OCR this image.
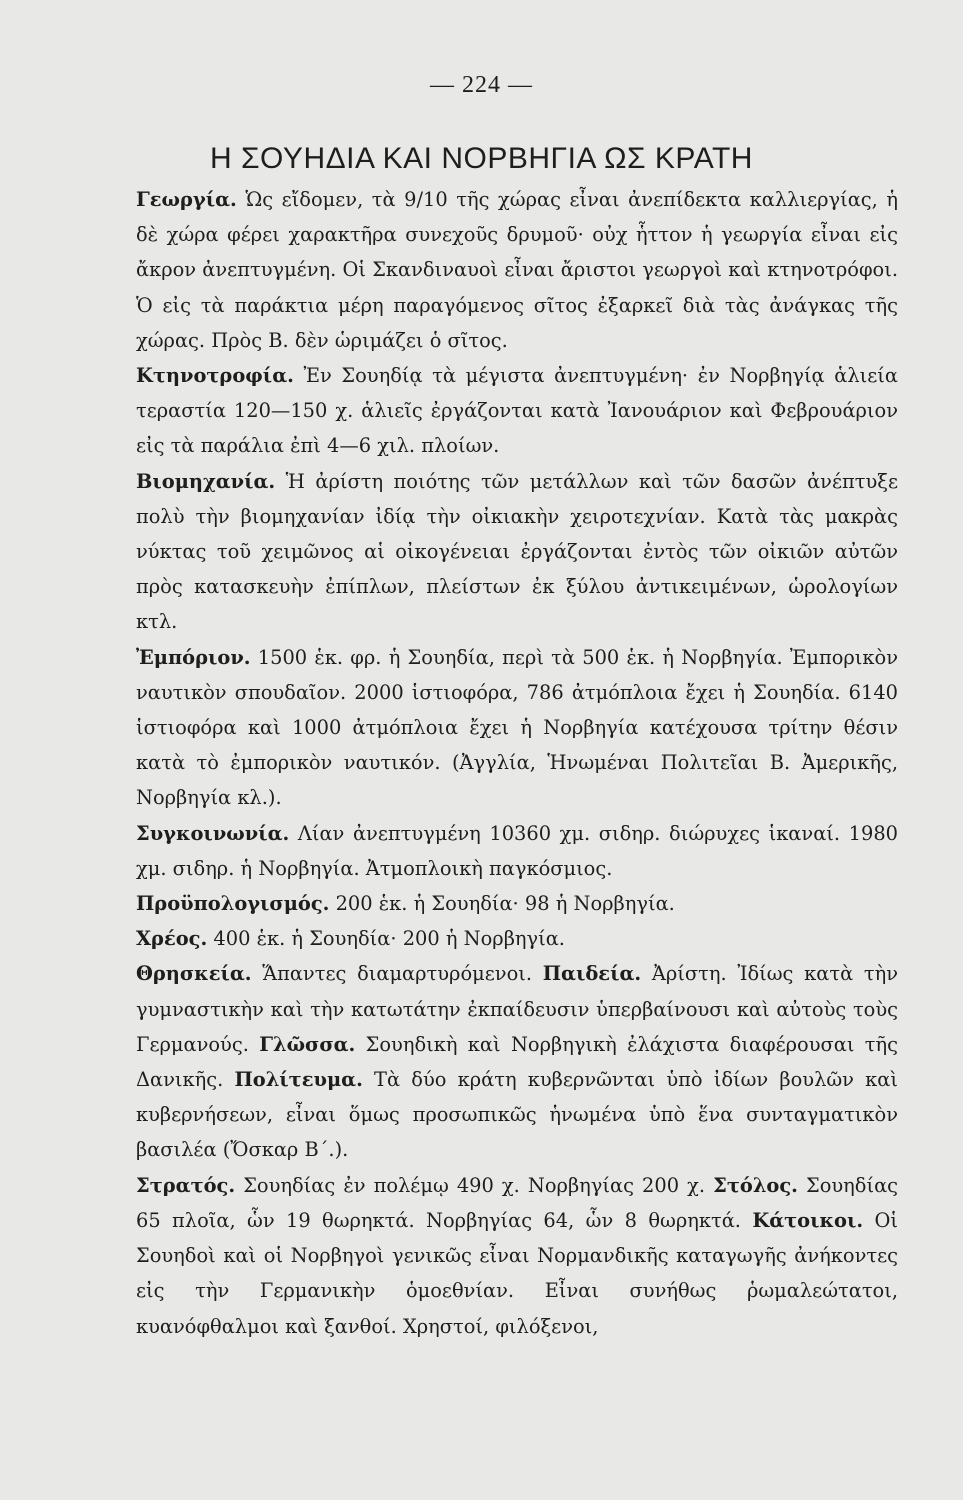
— 224 —
Η ΣΟΥΗΔΙΑ ΚΑΙ ΝΟΡΒΗΓΙΑ ΩΣ ΚΡΑΤΗ

Γεωργία. Ὡς εἴδομεν, τὰ 9/10 τῆς χώρας εἶναι ἀνεπίδεκτα καλλιεργίας, ἡ δὲ χώρα φέρει χαρακτῆρα συνεχοῦς δρυμοῦ· οὐχ ἧττον ἡ γεωργία εἶναι εἰς ἄκρον ἀνεπτυγμένη. Οἱ Σκανδιναυοὶ εἶναι ἄριστοι γεωργοὶ καὶ κτηνοτρόφοι. Ὁ εἰς τὰ παράκτια μέρη παραγόμενος σῖτος ἐξαρκεῖ διὰ τὰς ἀνάγκας τῆς χώρας. Πρὸς Β. δὲν ὡριμάζει ὁ σῖτος.

Κτηνοτροφία. Ἐν Σουηδίᾳ τὰ μέγιστα ἀνεπτυγμένη· ἐν Νορβηγίᾳ ἁλιεία τεραστία 120—150 χ. ἁλιεῖς ἐργάζονται κατὰ Ἰανουάριον καὶ Φεβρουάριον εἰς τὰ παράλια ἐπὶ 4—6 χιλ. πλοίων.

Βιομηχανία. Ἡ ἀρίστη ποιότης τῶν μετάλλων καὶ τῶν δασῶν ἀνέπτυξε πολὺ τὴν βιομηχανίαν ἰδίᾳ τὴν οἰκιακὴν χειροτεχνίαν. Κατὰ τὰς μακρὰς νύκτας τοῦ χειμῶνος αἱ οἰκογένειαι ἐργάζονται ἐντὸς τῶν οἰκιῶν αὐτῶν πρὸς κατασκευὴν ἐπίπλων, πλείστων ἐκ ξύλου ἀντικειμένων, ὡρολογίων κτλ.

Ἐμπόριον. 1500 ἑκ. φρ. ἡ Σουηδία, περὶ τὰ 500 ἑκ. ἡ Νορβηγία. Ἐμπορικὸν ναυτικὸν σπουδαῖον. 2000 ἱστιοφόρα, 786 ἀτμόπλοια ἔχει ἡ Σουηδία. 6140 ἱστιοφόρα καὶ 1000 ἀτμόπλοια ἔχει ἡ Νορβηγία κατέχουσα τρίτην θέσιν κατὰ τὸ ἐμπορικὸν ναυτικόν. (Ἀγγλία, Ἡνωμέναι Πολιτεῖαι Β. Ἀμερικῆς, Νορβηγία κλ.).

Συγκοινωνία. Λίαν ἀνεπτυγμένη 10360 χμ. σιδηρ. διώρυχες ἱκαναί. 1980 χμ. σιδηρ. ἡ Νορβηγία. Ἀτμοπλοικὴ παγκόσμιος.

Προϋπολογισμός. 200 ἑκ. ἡ Σουηδία· 98 ἡ Νορβηγία.

Χρέος. 400 ἑκ. ἡ Σουηδία· 200 ἡ Νορβηγία.

Θρησκεία. Ἅπαντες διαμαρτυρόμενοι. Παιδεία. Ἀρίστη. Ἰδίως κατὰ τὴν γυμναστικὴν καὶ τὴν κατωτάτην ἐκπαίδευσιν ὑπερβαίνουσι καὶ αὐτοὺς τοὺς Γερμανούς. Γλῶσσα. Σουηδικὴ καὶ Νορβηγικὴ ἐλάχιστα διαφέρουσαι τῆς Δανικῆς. Πολίτευμα. Τὰ δύο κράτη κυβερνῶνται ὑπὸ ἰδίων βουλῶν καὶ κυβερνήσεων, εἶναι ὅμως προσωπικῶς ἡνωμένα ὑπὸ ἕνα συνταγματικὸν βασιλέα (Ὄσκαρ Β΄.).

Στρατός. Σουηδίας ἐν πολέμῳ 490 χ. Νορβηγίας 200 χ. Στόλος. Σουηδίας 65 πλοῖα, ὧν 19 θωρηκτά. Νορβηγίας 64, ὧν 8 θωρηκτά. Κάτοικοι. Οἱ Σουηδοὶ καὶ οἱ Νορβηγοὶ γενικῶς εἶναι Νορμανδικῆς καταγωγῆς ἀνήκοντες εἰς τὴν Γερμανικὴν ὁμοεθνίαν. Εἶναι συνήθως ῥωμαλεώτατοι, κυανόφθαλμοι καὶ ξανθοί. Χρηστοί, φιλόξενοι,
